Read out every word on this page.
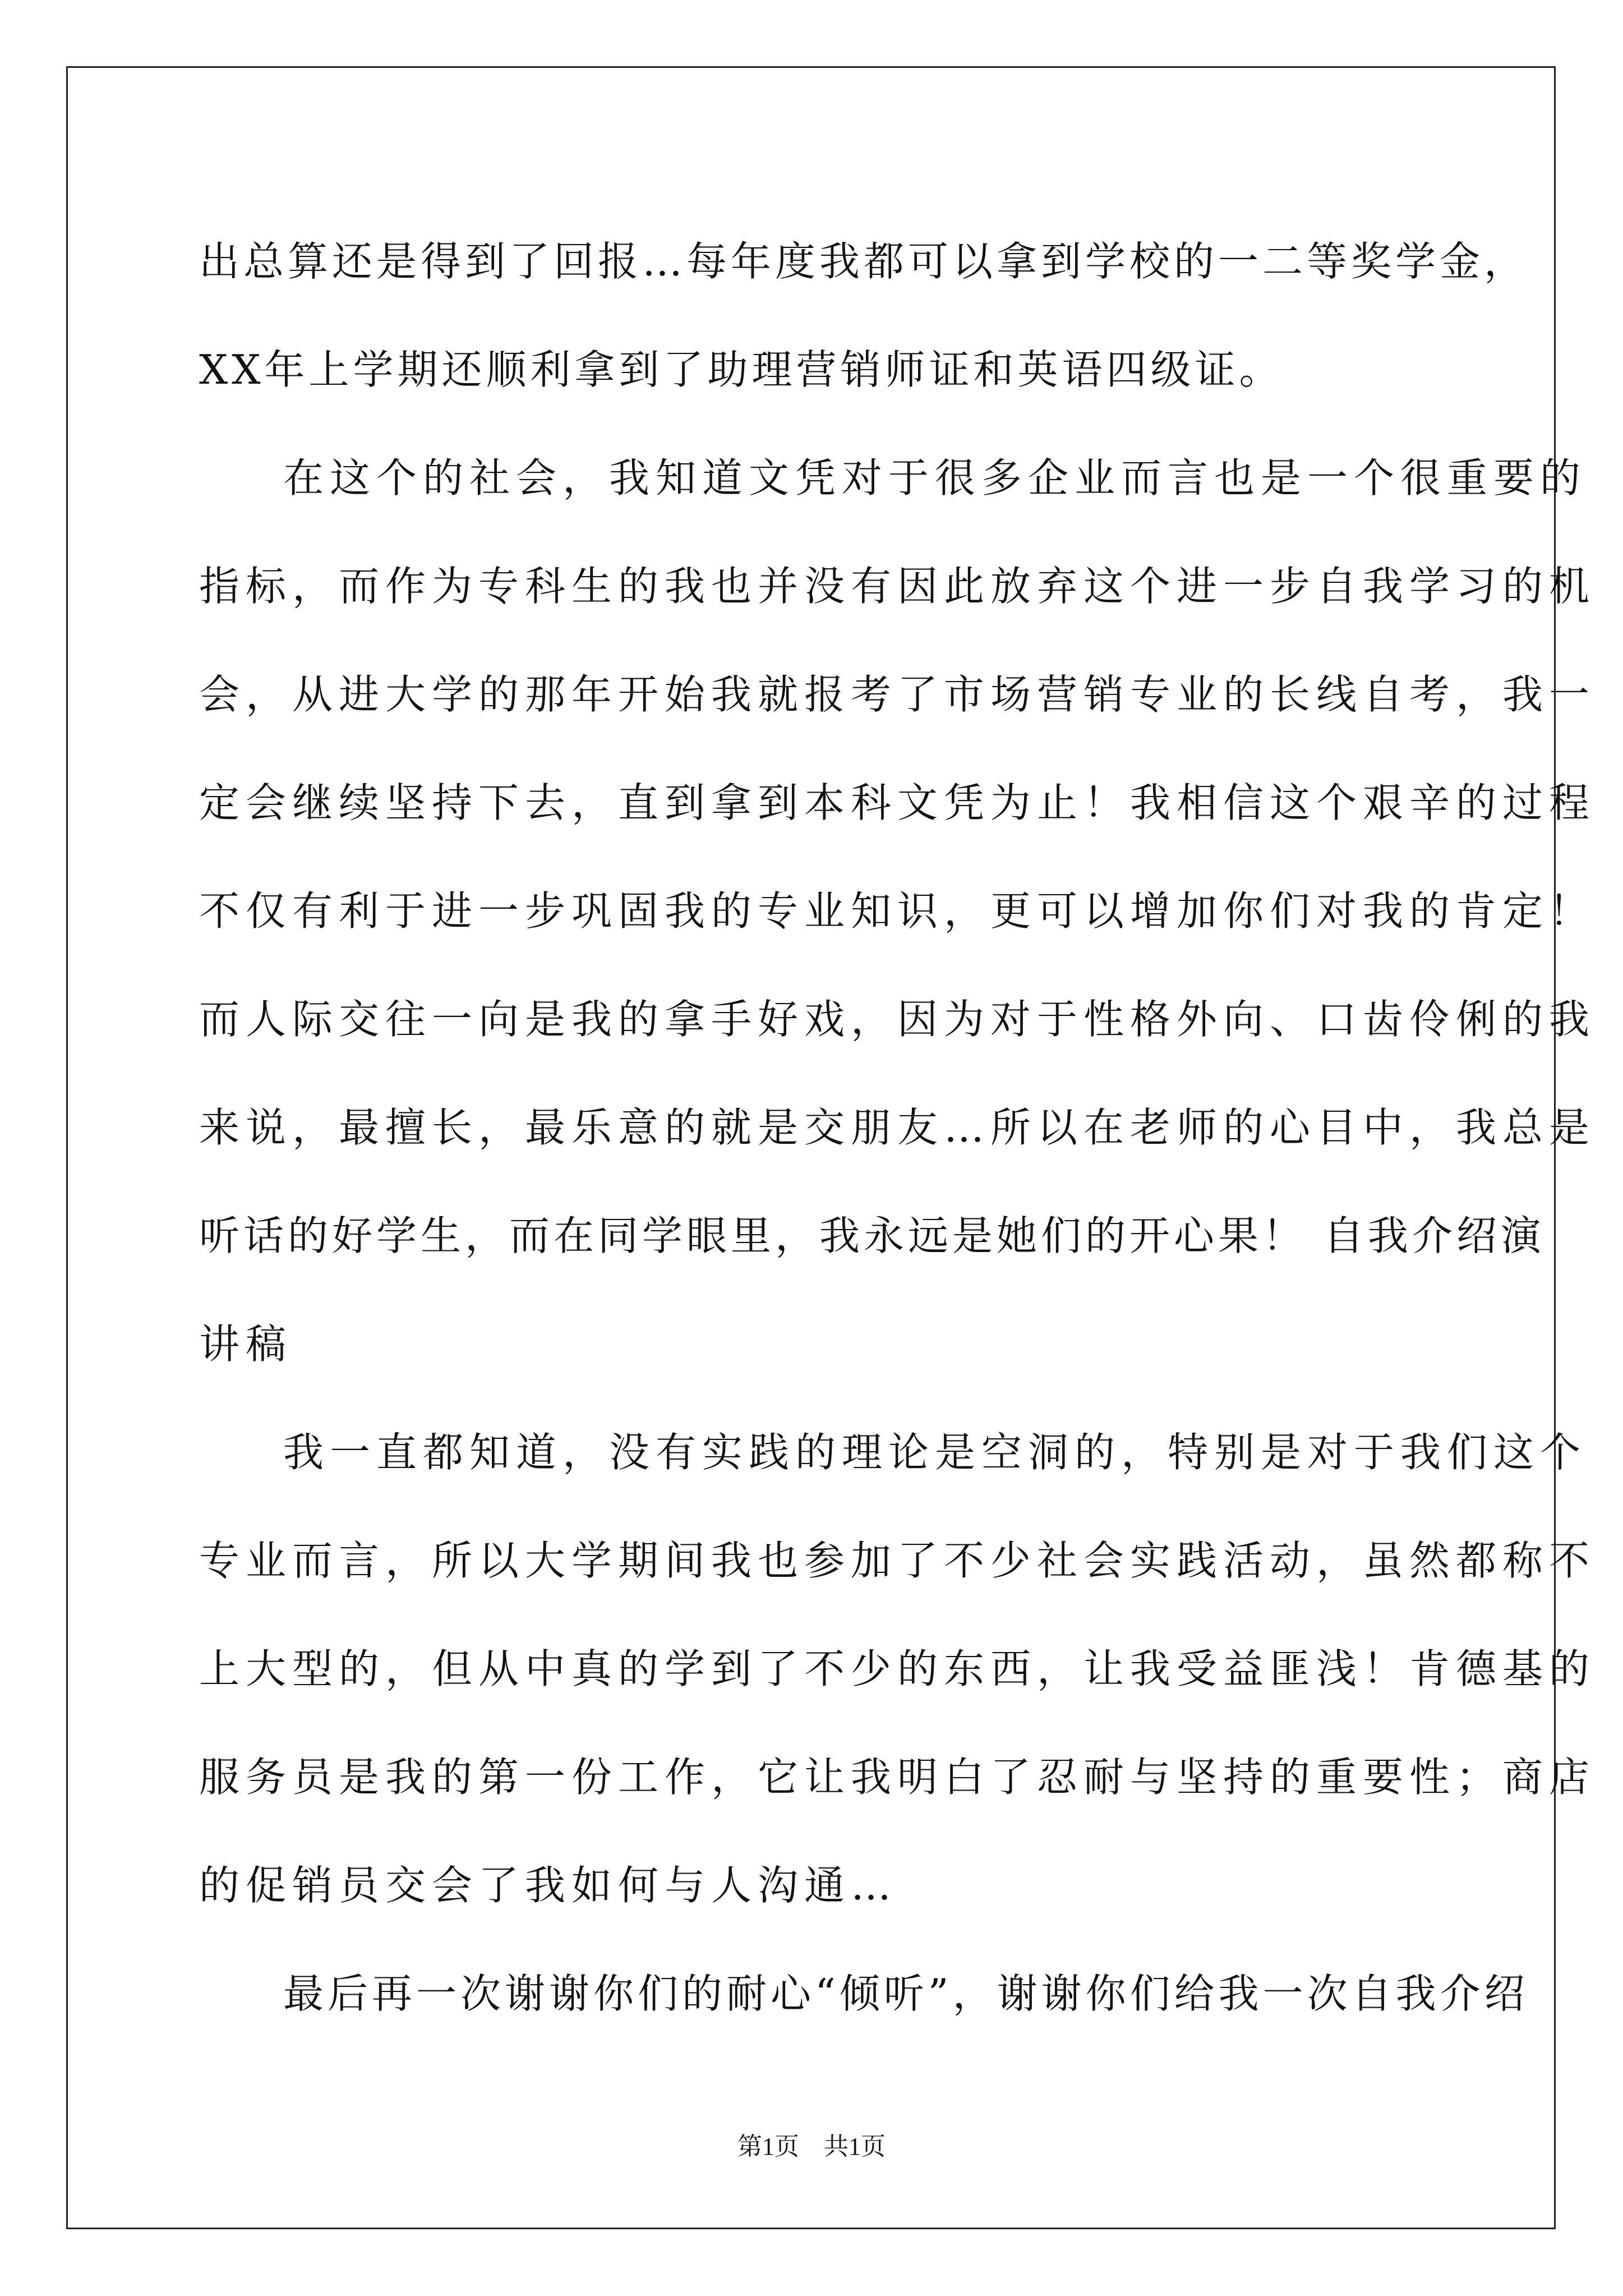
出总算还是得到了回报…每年度我都可以拿到学校的一二等奖学金，
XX年上学期还顺利拿到了助理营销师证和英语四级证。
在这个的社会，我知道文凭对于很多企业而言也是一个很重要的
指标，而作为专科生的我也并没有因此放弃这个进一步自我学习的机
会，从进大学的那年开始我就报考了市场营销专业的长线自考，我一
定会继续坚持下去，直到拿到本科文凭为止！我相信这个艰辛的过程
不仅有利于进一步巩固我的专业知识，更可以增加你们对我的肯定！
而人际交往一向是我的拿手好戏，因为对于性格外向、口齿伶俐的我
来说，最擅长，最乐意的就是交朋友…所以在老师的心目中，我总是
听话的好学生，而在同学眼里，我永远是她们的开心果！ 自我介绍演
讲稿
我一直都知道，没有实践的理论是空洞的，特别是对于我们这个
专业而言，所以大学期间我也参加了不少社会实践活动，虽然都称不
上大型的，但从中真的学到了不少的东西，让我受益匪浅！肯德基的
服务员是我的第一份工作，它让我明白了忍耐与坚持的重要性；商店
的促销员交会了我如何与人沟通…
最后再一次谢谢你们的耐心“倾听”，谢谢你们给我一次自我介绍
第1页　共1页
